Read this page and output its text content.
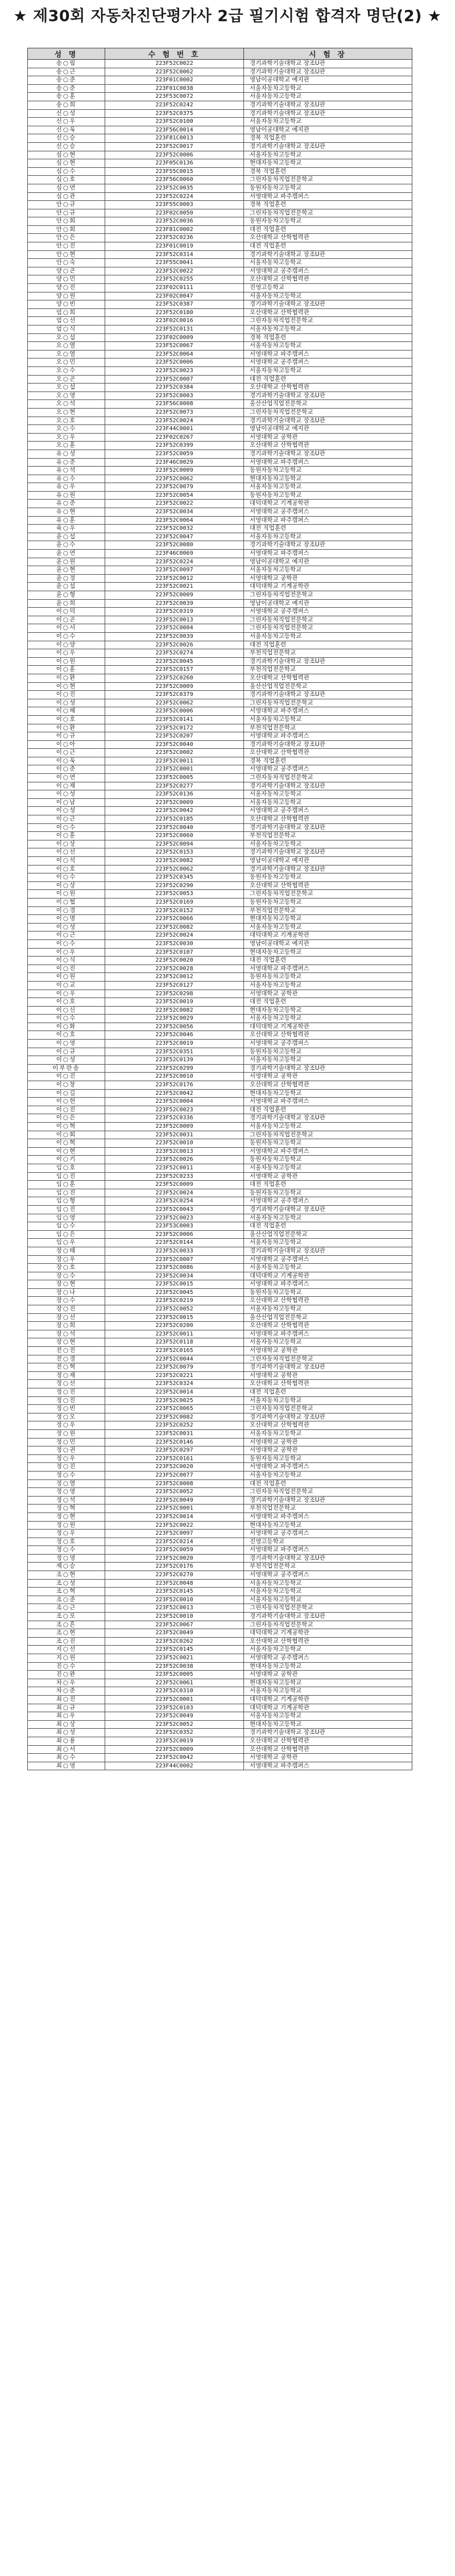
★ 제30회 자동차진단평가사 2급 필기시험 합격자 명단(2) ★
성 명	수 험 번 호	시 험 장
송○림	223F52C0022	경기과학기술대학교 장조U관
송○근	223F52C0062	경기과학기술대학교 장조U관
송○준	223F01C0002	영남이공대학교 예지관
송○준	223F01C0038	서울자동차고등학교
송○훈	223F53C0072	서울자동차고등학교
송○희	223F52C0242	경기과학기술대학교 장조U관
신○성	223F52C0375	경기과학기술대학교 장조U관
신○우	223F52C0100	서울자동차고등학교
신○욱	223F56C0014	영남이공대학교 예지관
신○승	223F81C0013	경북 직업훈련
신○승	223F52C0017	경기과학기술대학교 장조U관
심○현	223F52C0006	서울자동차고등학교
심○현	223F05C0136	현대자동차고등학교
심○수	223F55C0015	경북 직업훈련
심○호	223F56C0060	그린자동차직업전문학교
심○연	223F52C0035	동원자동차고등학교
심○관	223F52C0224	서영대학교 파주캠퍼스
안○규	223F55C0003	경북 직업훈련
안○규	223F02C0050	그린자동차직업전문학교
안○회	223F52C0036	동원자동차고등학교
안○회	223F81C0002	대전 직업훈련
안○은	223F52C0236	오산대학교 산학협력관
안○진	223F01C0019	대전 직업훈련
안○현	223F52C0314	경기과학기술대학교 장조U관
안○숙	223F55C0041	서울자동차고등학교
양○곤	223F52C0022	서영대학교 공주캠퍼스
양○민	223F52C0255	오산대학교 산학협력관
양○진	223F02C0111	진영고등학교
양○원	223F02C0047	서울자동차고등학교
양○빈	223F52C0387	경기과학기술대학교 장조U관
엄○희	223F52C0180	오산대학교 산학협력관
엄○선	223F02C0016	그린자동차직업전문학교
엄○식	223F52C0131	서울자동차고등학교
오○섭	223F02C0009	경북 직업훈련
오○열	223F52C0067	서울자동차고등학교
오○열	223F52C0064	서영대학교 파주캠퍼스
오○민	223F52C0006	서영대학교 공주캠퍼스
오○수	223F52C0023	서울자동차고등학교
오○곤	223F52C0007	대전 직업훈련
오○섭	223F52C0384	오산대학교 산학협력관
오○영	223F52C0003	경기과학기술대학교 장조U관
오○석	223F56C0008	울산산업직업전문학교
오○현	223F52C0073	그린자동차직업전문학교
오○호	223F52C0024	경기과학기술대학교 장조U관
오○수	223F44C0001	영남이공대학교 예지관
오○우	223F02C0267	서영대학교 공학관
오○훈	223F52C0399	오산대학교 산학협력관
유○성	223F52C0059	경기과학기술대학교 장조U관
유○준	223F46C0029	서영대학교 파주캠퍼스
유○석	223F52C0009	동원자동차고등학교
유○수	223F52C0062	현대자동차고등학교
유○우	223F52C0079	서울자동차고등학교
유○원	223F52C0054	동원자동차고등학교
유○준	223F52C0022	대덕대학교 기계공학관
유○현	223F52C0034	서영대학교 공주캠퍼스
유○훈	223F52C0064	서영대학교 파주캠퍼스
육○우	223F52C0032	대전 직업훈련
윤○섭	223F52C0047	서울자동차고등학교
윤○수	223F52C0080	경기과학기술대학교 장조U관
윤○연	223F46C0069	서영대학교 파주캠퍼스
윤○원	223F52C0224	영남이공대학교 예지관
윤○현	223F52C0097	서울자동차고등학교
윤○정	223F52C0012	서영대학교 공학관
윤○섭	223F52C0021	대덕대학교 기계공학관
윤○형	223F52C0009	그린자동차직업전문학교
윤○희	223F52C0039	영남이공대학교 예지관
이○덕	223F52C0319	서영대학교 공주캠퍼스
이○곤	223F52C0013	그린자동차직업전문학교
이○서	223F52C0004	그린자동차직업전문학교
이○수	223F52C0039	서울자동차고등학교
이○양	223F52C0026	대전 직업훈련
이○우	223F52C0274	부천직업전문학교
이○원	223F52C0045	경기과학기술대학교 장조U관
이○훈	223F52C0157	부천직업전문학교
이○환	223F52C0260	오산대학교 산학협력관
이○현	223F52C0009	울산산업직업전문학교
이○진	223F52C0379	경기과학기술대학교 장조U관
이○성	223F52C0062	그린자동차직업전문학교
이○해	223F52C0006	서영대학교 파주캠퍼스
이○호	223F52C0141	서울자동차고등학교
이○환	223F52C0172	부천직업전문학교
이○규	223F52C0207	서영대학교 파주캠퍼스
이○아	223F52C0040	경기과학기술대학교 장조U관
이○근	223F52C0002	오산대학교 산학협력관
이○욱	223F52C0011	경북 직업훈련
이○준	223F52C0001	서영대학교 공주캠퍼스
이○연	223F52C0005	그린자동차직업전문학교
이○재	223F52C0277	경기과학기술대학교 장조U관
이○성	223F52C0136	서울자동차고등학교
이○남	223F52C0009	서울자동차고등학교
이○성	223F52C0042	서영대학교 공주캠퍼스
이○근	223F52C0185	오산대학교 산학협력관
이○수	223F52C0040	경기과학기술대학교 장조U관
이○훈	223F52C0060	부천직업전문학교
이○상	223F52C0094	서울자동차고등학교
이○선	223F52C0153	경기과학기술대학교 장조U관
이○석	223F52C0082	영남이공대학교 예지관
이○호	223F52C0062	경기과학기술대학교 장조U관
이○수	223F52C0345	동원자동차고등학교
이○상	223F52C0290	오산대학교 산학협력관
이○원	223F52C0053	그린자동차직업전문학교
이○협	223F52C0169	동원자동차고등학교
이○경	223F52C0152	부천직업전문학교
이○명	223F52C0066	현대자동차고등학교
이○성	223F52C0082	서울자동차고등학교
이○근	223F52C0024	대덕대학교 기계공학관
이○수	223F52C0030	영남이공대학교 예지관
이○우	223F52C0107	현대자동차고등학교
이○식	223F52C0020	대전 직업훈련
이○진	223F52C0028	서영대학교 파주캠퍼스
이○원	223F52C0012	동원자동차고등학교
이○교	223F52C0127	서울자동차고등학교
이○우	223F52C0298	서영대학교 공학관
이○호	223F52C0019	대전 직업훈련
이○신	223F52C0082	현대자동차고등학교
이○수	223F52C0029	서울자동차고등학교
이○화	223F52C0056	대덕대학교 기계공학관
이○호	223F52C0046	오산대학교 산학협력관
이○영	223F52C0019	서영대학교 공주캠퍼스
이○규	223F52C0351	동원자동차고등학교
이○성	223F52C0139	서울자동차고등학교
이부란솔	223F52C0299	경기과학기술대학교 장조U관
이○진	223F52C0010	서영대학교 공학관
이○창	223F52C0176	오산대학교 산학협력관
이○길	223F52C0042	현대자동차고등학교
이○헌	223F52C0004	서영대학교 파주캠퍼스
이○진	223F52C0023	대전 직업훈련
이○은	223F52C0336	경기과학기술대학교 장조U관
이○혁	223F52C0009	서울자동차고등학교
이○회	223F52C0031	그린자동차직업전문학교
이○혁	223F52C0010	동원자동차고등학교
이○현	223F52C0013	서영대학교 파주캠퍼스
이○기	223F52C0026	동원자동차고등학교
임○호	223F52C0011	서울자동차고등학교
임○진	223F52C0233	서영대학교 공학관
임○훈	223F52C0009	대전 직업훈련
임○진	223F52C0024	동원자동차고등학교
임○형	223F52C0254	서영대학교 공주캠퍼스
임○진	223F52C0043	경기과학기술대학교 장조U관
임○영	223F52C0023	서울자동차고등학교
임○수	223F53C0003	대전 직업훈련
임○은	223F52C0006	울산산업직업전문학교
임○우	223F52C0144	서울자동차고등학교
장○태	223F52C0033	경기과학기술대학교 장조U관
장○우	223F52C0007	서영대학교 공주캠퍼스
장○호	223F52C0086	서울자동차고등학교
장○수	223F52C0034	대덕대학교 기계공학관
장○현	223F52C0015	서영대학교 파주캠퍼스
장○나	223F52C0045	동원자동차고등학교
장○수	223F52C0219	오산대학교 산학협력관
장○진	223F52C0052	서울자동차고등학교
장○선	223F52C0015	울산산업직업전문학교
장○희	223F52C0200	오산대학교 산학협력관
장○석	223F52C0011	서영대학교 파주캠퍼스
장○현	223F52C0118	서울자동차고등학교
전○진	223F52C0165	서영대학교 공학관
전○경	223F52C0044	그린자동차직업전문학교
전○혁	223F52C0079	경기과학기술대학교 장조U관
정○재	223F52C0221	서영대학교 공학관
정○선	223F52C0324	오산대학교 산학협력관
정○진	223F52C0014	대전 직업훈련
정○진	223F52C0025	서울자동차고등학교
정○빈	223F52C0065	그린자동차직업전문학교
정○오	223F52C0082	경기과학기술대학교 장조U관
정○우	223F52C0252	오산대학교 산학협력관
정○원	223F52C0031	서울자동차고등학교
정○민	223F52C0146	서영대학교 공학관
정○권	223F52C0297	서영대학교 공학관
정○우	223F52C0161	동원자동차고등학교
정○진	223F52C0020	서영대학교 파주캠퍼스
정○수	223F52C0077	서울자동차고등학교
정○열	223F52C0008	대전 직업훈련
정○영	223F52C0052	그린자동차직업전문학교
정○석	223F52C0049	경기과학기술대학교 장조U관
정○혁	223F52C0001	부천직업전문학교
정○현	223F52C0014	서영대학교 파주캠퍼스
정○원	223F52C0022	현대자동차고등학교
정○우	223F52C0097	서영대학교 공주캠퍼스
정○호	223F52C0214	진영고등학교
정○수	223F52C0059	서영대학교 파주캠퍼스
정○영	223F52C0020	경기과학기술대학교 장조U관
제○승	223F52C0176	부천직업전문학교
조○현	223F52C0270	서영대학교 공주캠퍼스
조○성	223F52C0048	서울자동차고등학교
조○혁	223F52C0145	서울자동차고등학교
조○준	223F52C0010	서울자동차고등학교
조○근	223F52C0013	그린자동차직업전문학교
조○모	223F52C0010	경기과학기술대학교 장조U관
조○흔	223F52C0067	그린자동차직업전문학교
조○현	223F52C0049	대덕대학교 기계공학관
조○진	223F52C0262	오산대학교 산학협력관
지○선	223F52C0145	서울자동차고등학교
지○원	223F52C0021	서영대학교 공주캠퍼스
진○수	223F52C0038	현대자동차고등학교
진○완	223F52C0005	서영대학교 공학관
차○우	223F52C0061	현대자동차고등학교
차○준	223F52C0310	서울자동차고등학교
최○진	223F52C0001	대덕대학교 기계공학관
최○규	223F52C0103	대덕대학교 기계공학관
최○우	223F52C0049	서울자동차고등학교
최○상	223F52C0052	현대자동차고등학교
최○성	223F52C0352	경기과학기술대학교 장조U관
최○용	223F52C0019	오산대학교 산학협력관
최○서	223F52C0009	오산대학교 산학협력관
최○수	223F52C0042	서영대학교 공학관
최○영	223F44C0002	서영대학교 파주캠퍼스
